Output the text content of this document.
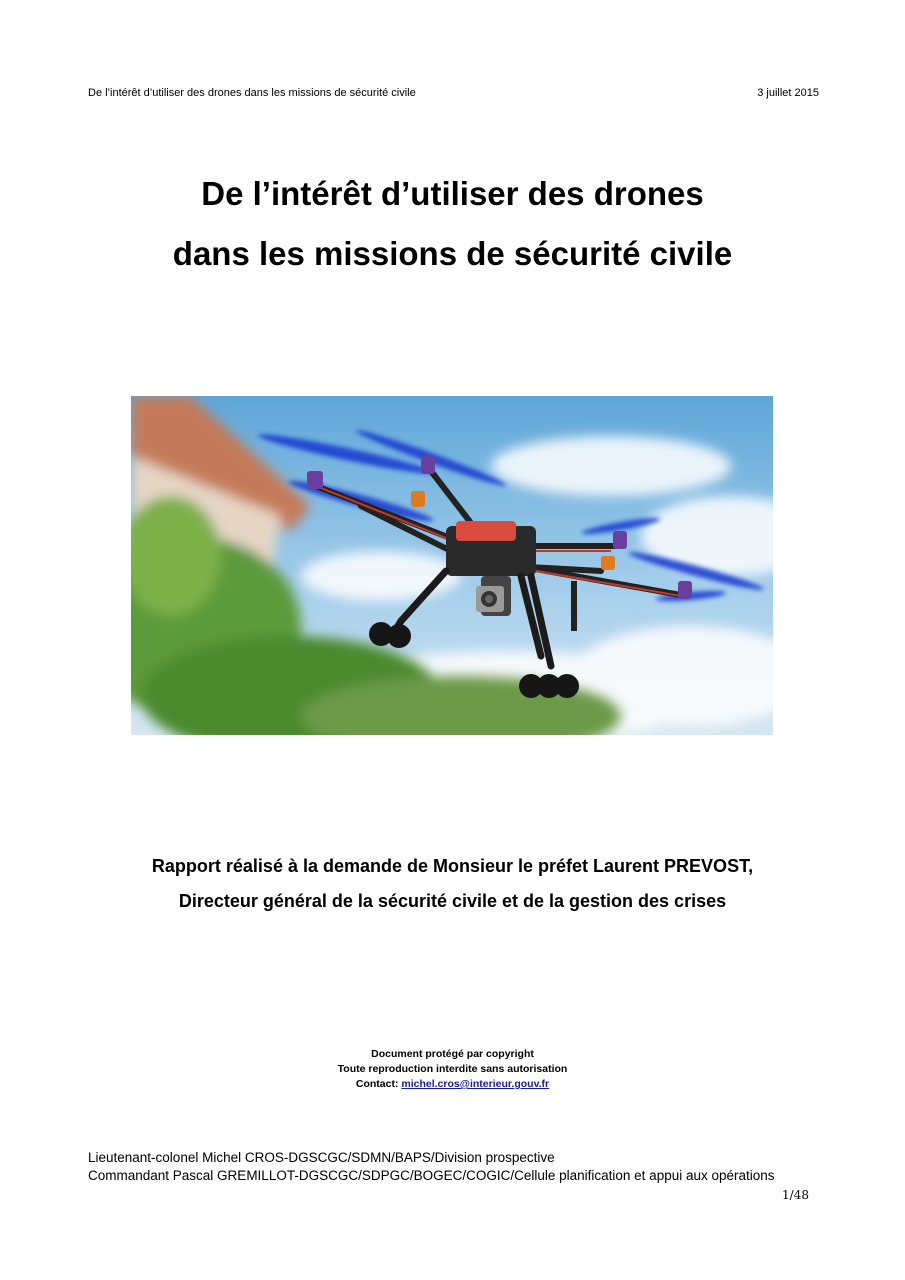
De l’intérêt d’utiliser des drones dans les missions de sécurité civile	3 juillet 2015
De l’intérêt d’utiliser des drones
dans les missions de sécurité civile
Rapport réalisé à la demande de Monsieur le préfet Laurent PREVOST,
Directeur général de la sécurité civile et de la gestion des crises
Document protégé par copyright
Toute reproduction interdite sans autorisation
Contact: michel.cros@interieur.gouv.fr
Lieutenant-colonel Michel CROS-DGSCGC/SDMN/BAPS/Division prospective
Commandant Pascal GREMILLOT-DGSCGC/SDPGC/BOGEC/COGIC/Cellule planification et appui aux opérations
1/48
